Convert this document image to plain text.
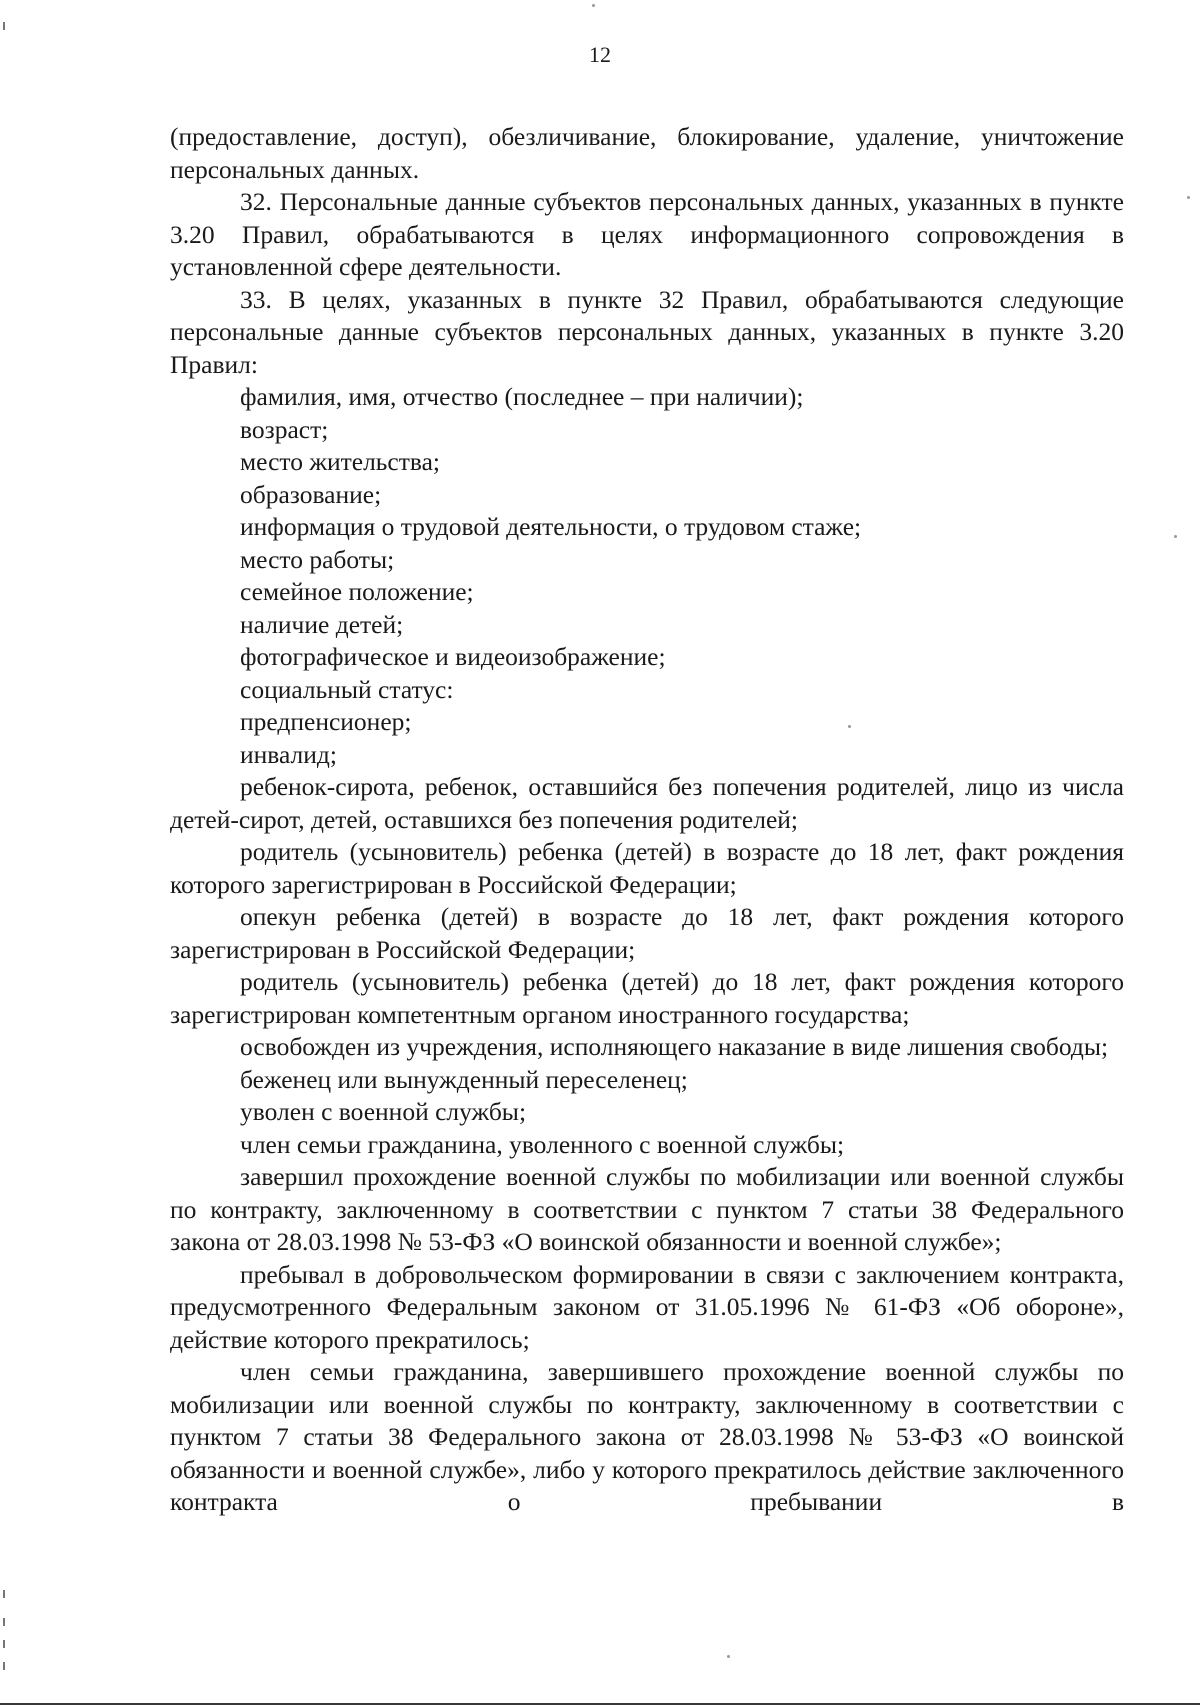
12

(предоставление, доступ), обезличивание, блокирование, удаление, уничтожение персональных данных.

32. Персональные данные субъектов персональных данных, указанных в пункте 3.20 Правил, обрабатываются в целях информационного сопровождения в установленной сфере деятельности.

33. В целях, указанных в пункте 32 Правил, обрабатываются следующие персональные данные субъектов персональных данных, указанных в пункте 3.20 Правил:

фамилия, имя, отчество (последнее – при наличии);

возраст;

место жительства;

образование;

информация о трудовой деятельности, о трудовом стаже;

место работы;

семейное положение;

наличие детей;

фотографическое и видеоизображение;

социальный статус:

предпенсионер;

инвалид;

ребенок-сирота, ребенок, оставшийся без попечения родителей, лицо из числа детей-сирот, детей, оставшихся без попечения родителей;

родитель (усыновитель) ребенка (детей) в возрасте до 18 лет, факт рождения которого зарегистрирован в Российской Федерации;

опекун ребенка (детей) в возрасте до 18 лет, факт рождения которого зарегистрирован в Российской Федерации;

родитель (усыновитель) ребенка (детей) до 18 лет, факт рождения которого зарегистрирован компетентным органом иностранного государства;

освобожден из учреждения, исполняющего наказание в виде лишения свободы;

беженец или вынужденный переселенец;

уволен с военной службы;

член семьи гражданина, уволенного с военной службы;

завершил прохождение военной службы по мобилизации или военной службы по контракту, заключенному в соответствии с пунктом 7 статьи 38 Федерального закона от 28.03.1998 № 53-ФЗ «О воинской обязанности и военной службе»;

пребывал в добровольческом формировании в связи с заключением контракта, предусмотренного Федеральным законом от 31.05.1996 № 61-ФЗ «Об обороне», действие которого прекратилось;

член семьи гражданина, завершившего прохождение военной службы по мобилизации или военной службы по контракту, заключенному в соответствии с пунктом 7 статьи 38 Федерального закона от 28.03.1998 № 53-ФЗ «О воинской обязанности и военной службе», либо у которого прекратилось действие заключенного контракта о пребывании в
